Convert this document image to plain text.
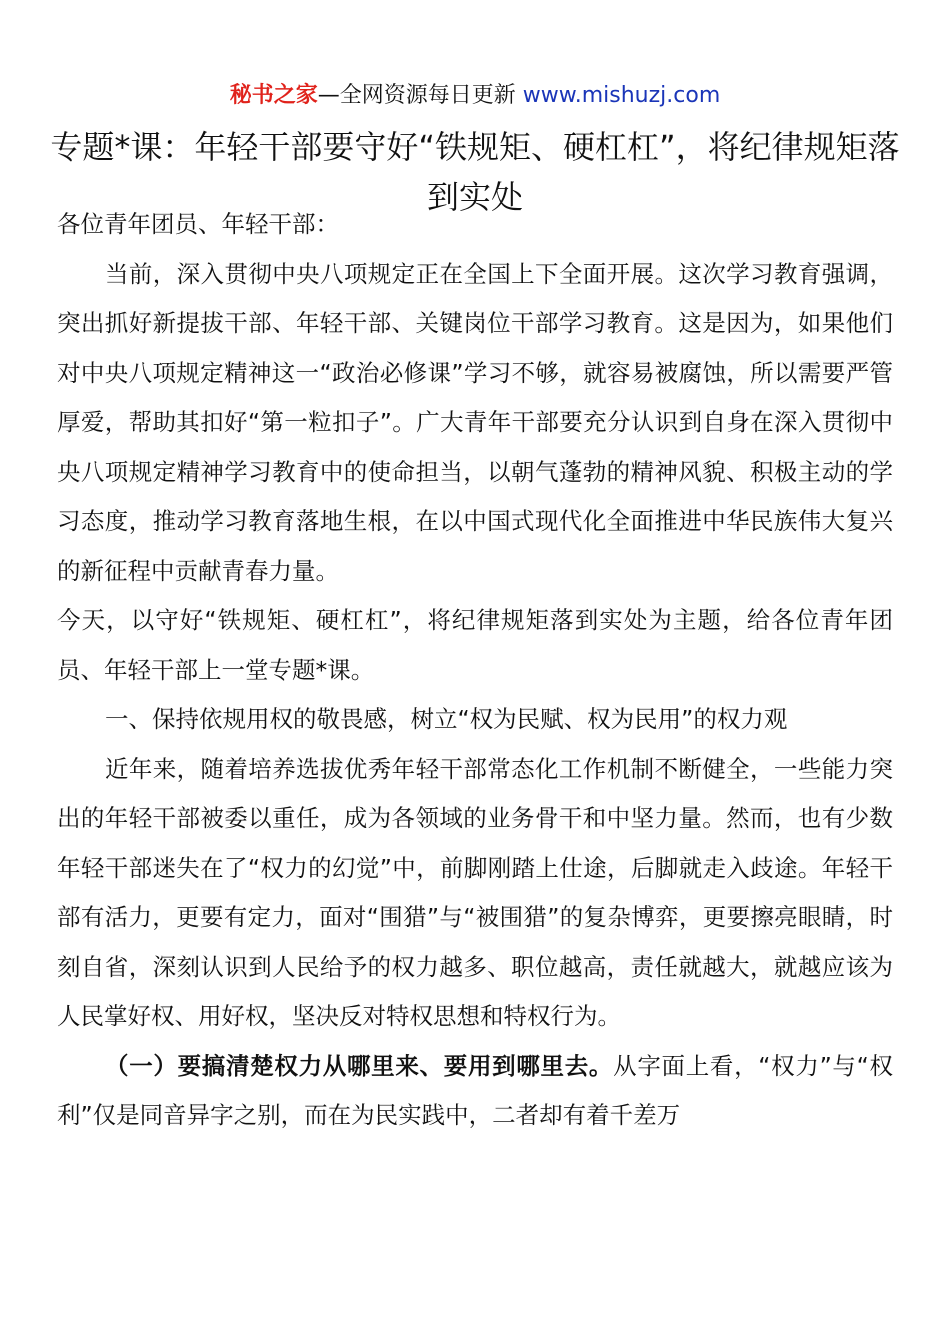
秘书之家—全网资源每日更新 www.mishuzj.com
专题*课：年轻干部要守好“铁规矩、硬杠杠”，将纪律规矩落到实处

各位青年团员、年轻干部：

当前，深入贯彻中央八项规定正在全国上下全面开展。这次学习教育强调，突出抓好新提拔干部、年轻干部、关键岗位干部学习教育。这是因为，如果他们对中央八项规定精神这一“政治必修课”学习不够，就容易被腐蚀，所以需要严管厚爱，帮助其扣好“第一粒扣子”。广大青年干部要充分认识到自身在深入贯彻中央八项规定精神学习教育中的使命担当，以朝气蓬勃的精神风貌、积极主动的学习态度，推动学习教育落地生根，在以中国式现代化全面推进中华民族伟大复兴的新征程中贡献青春力量。

今天，以守好“铁规矩、硬杠杠”，将纪律规矩落到实处为主题，给各位青年团员、年轻干部上一堂专题*课。

一、保持依规用权的敬畏感，树立“权为民赋、权为民用”的权力观

近年来，随着培养选拔优秀年轻干部常态化工作机制不断健全，一些能力突出的年轻干部被委以重任，成为各领域的业务骨干和中坚力量。然而，也有少数年轻干部迷失在了“权力的幻觉”中，前脚刚踏上仕途，后脚就走入歧途。年轻干部有活力，更要有定力，面对“围猎”与“被围猎”的复杂博弈，更要擦亮眼睛，时刻自省，深刻认识到人民给予的权力越多、职位越高，责任就越大，就越应该为人民掌好权、用好权，坚决反对特权思想和特权行为。

（一）要搞清楚权力从哪里来、要用到哪里去。从字面上看，“权力”与“权利”仅是同音异字之别，而在为民实践中，二者却有着千差万
